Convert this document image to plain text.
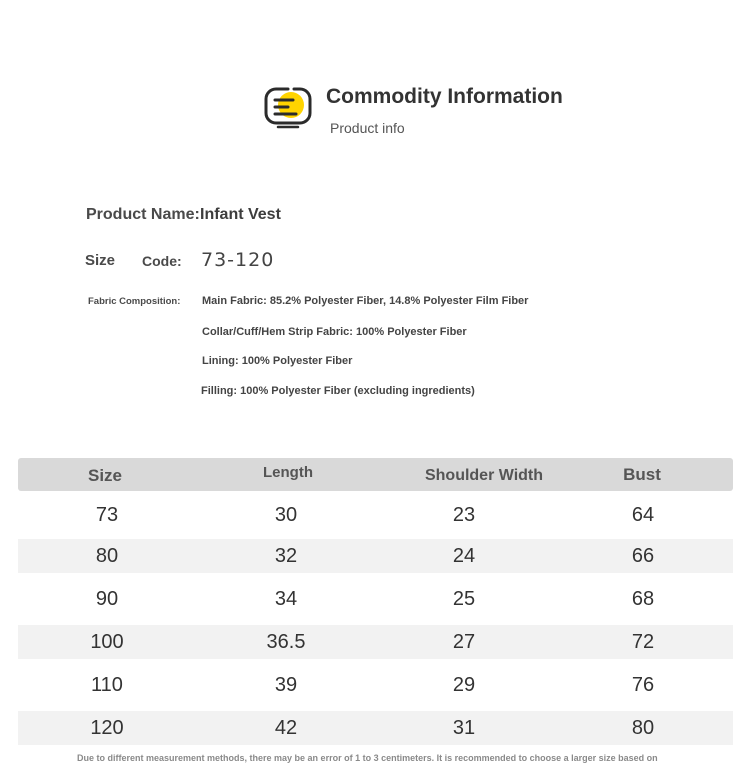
Commodity Information
Product info
Product Name: Infant Vest
Size Code: 73-120
Fabric Composition: Main Fabric: 85.2% Polyester Fiber, 14.8% Polyester Film Fiber
Collar/Cuff/Hem Strip Fabric: 100% Polyester Fiber
Lining: 100% Polyester Fiber
Filling: 100% Polyester Fiber (excluding ingredients)
Size	Length	Shoulder Width	Bust
73	30	23	64
80	32	24	66
90	34	25	68
100	36.5	27	72
110	39	29	76
120	42	31	80
Due to different measurement methods, there may be an error of 1 to 3 centimeters. It is recommended to choose a larger size based on
